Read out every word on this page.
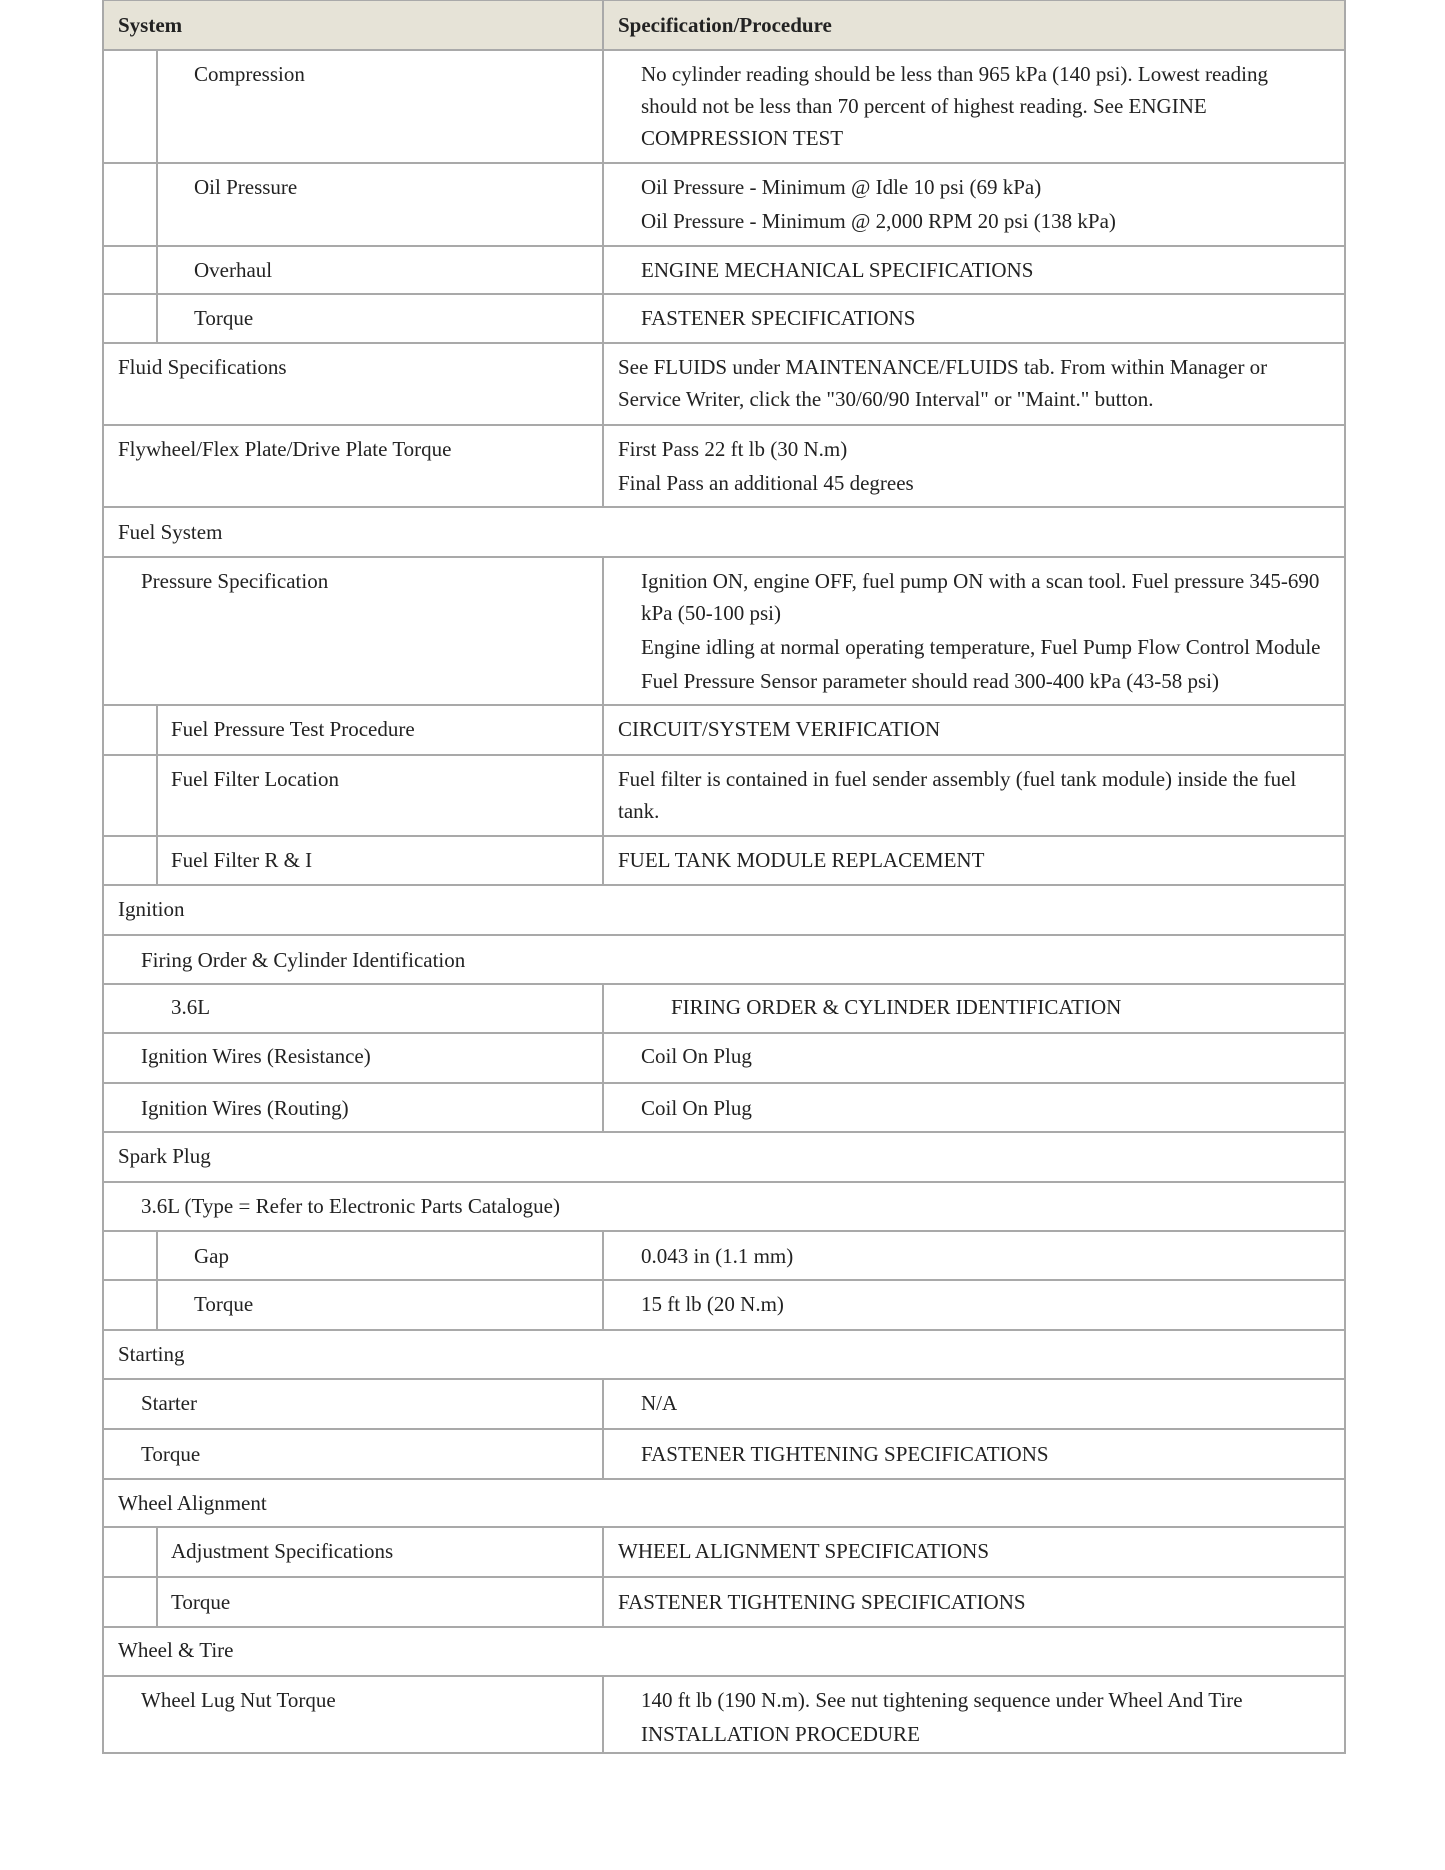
System	Specification/Procedure
Compression	No cylinder reading should be less than 965 kPa (140 psi). Lowest reading
should not be less than 70 percent of highest reading. See ENGINE
COMPRESSION TEST
Oil Pressure	Oil Pressure - Minimum @ Idle 10 psi (69 kPa)
Oil Pressure - Minimum @ 2,000 RPM 20 psi (138 kPa)
Overhaul	ENGINE MECHANICAL SPECIFICATIONS
Torque	FASTENER SPECIFICATIONS
Fluid Specifications	See FLUIDS under MAINTENANCE/FLUIDS tab. From within Manager or
Service Writer, click the "30/60/90 Interval" or "Maint." button.
Flywheel/Flex Plate/Drive Plate Torque	First Pass 22 ft lb (30 N.m)
Final Pass an additional 45 degrees
Fuel System
Pressure Specification	Ignition ON, engine OFF, fuel pump ON with a scan tool. Fuel pressure 345-690
kPa (50-100 psi)
Engine idling at normal operating temperature, Fuel Pump Flow Control Module
Fuel Pressure Sensor parameter should read 300-400 kPa (43-58 psi)
Fuel Pressure Test Procedure	CIRCUIT/SYSTEM VERIFICATION
Fuel Filter Location	Fuel filter is contained in fuel sender assembly (fuel tank module) inside the fuel
tank.
Fuel Filter R & I	FUEL TANK MODULE REPLACEMENT
Ignition
Firing Order & Cylinder Identification
3.6L	FIRING ORDER & CYLINDER IDENTIFICATION
Ignition Wires (Resistance)	Coil On Plug
Ignition Wires (Routing)	Coil On Plug
Spark Plug
3.6L (Type = Refer to Electronic Parts Catalogue)
Gap	0.043 in (1.1 mm)
Torque	15 ft lb (20 N.m)
Starting
Starter	N/A
Torque	FASTENER TIGHTENING SPECIFICATIONS
Wheel Alignment
Adjustment Specifications	WHEEL ALIGNMENT SPECIFICATIONS
Torque	FASTENER TIGHTENING SPECIFICATIONS
Wheel & Tire
Wheel Lug Nut Torque	140 ft lb (190 N.m). See nut tightening sequence under Wheel And Tire
INSTALLATION PROCEDURE
